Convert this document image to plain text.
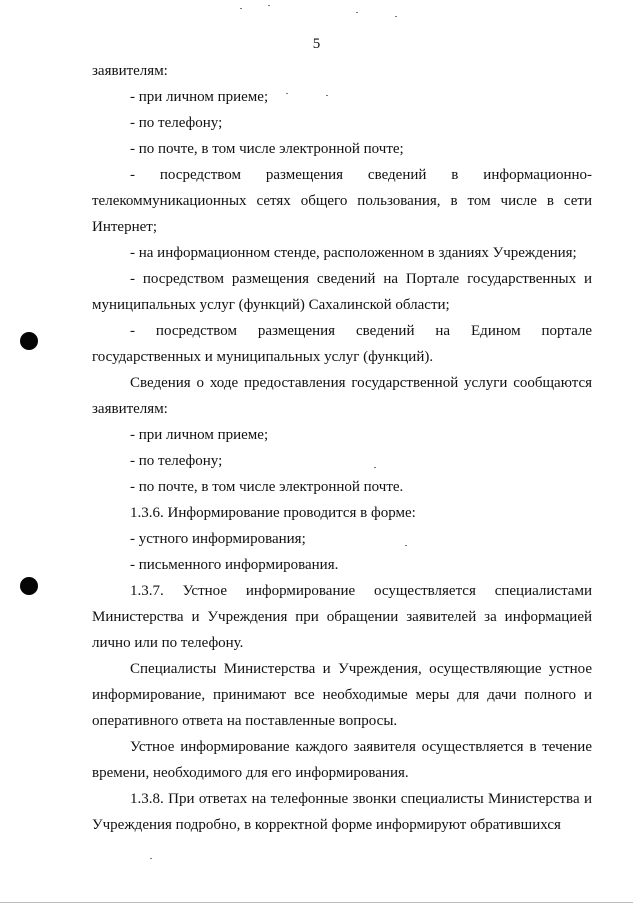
5

заявителям:

- при личном приеме;

- по телефону;

- по почте, в том числе электронной почте;

- посредством размещения сведений в информационно-телекоммуникационных сетях общего пользования, в том числе в сети Интернет;

- на информационном стенде, расположенном в зданиях Учреждения;

- посредством размещения сведений на Портале государственных и муниципальных услуг (функций) Сахалинской области;

- посредством размещения сведений на Едином портале государственных и муниципальных услуг (функций).

Сведения о ходе предоставления государственной услуги сообщаются заявителям:

- при личном приеме;

- по телефону;

- по почте, в том числе электронной почте.

1.3.6. Информирование проводится в форме:

- устного информирования;

- письменного информирования.

1.3.7. Устное информирование осуществляется специалистами Министерства и Учреждения при обращении заявителей за информацией лично или по телефону.

Специалисты Министерства и Учреждения, осуществляющие устное информирование, принимают все необходимые меры для дачи полного и оперативного ответа на поставленные вопросы.

Устное информирование каждого заявителя осуществляется в течение времени, необходимого для его информирования.

1.3.8. При ответах на телефонные звонки специалисты Министерства и Учреждения подробно, в корректной форме информируют обратившихся
